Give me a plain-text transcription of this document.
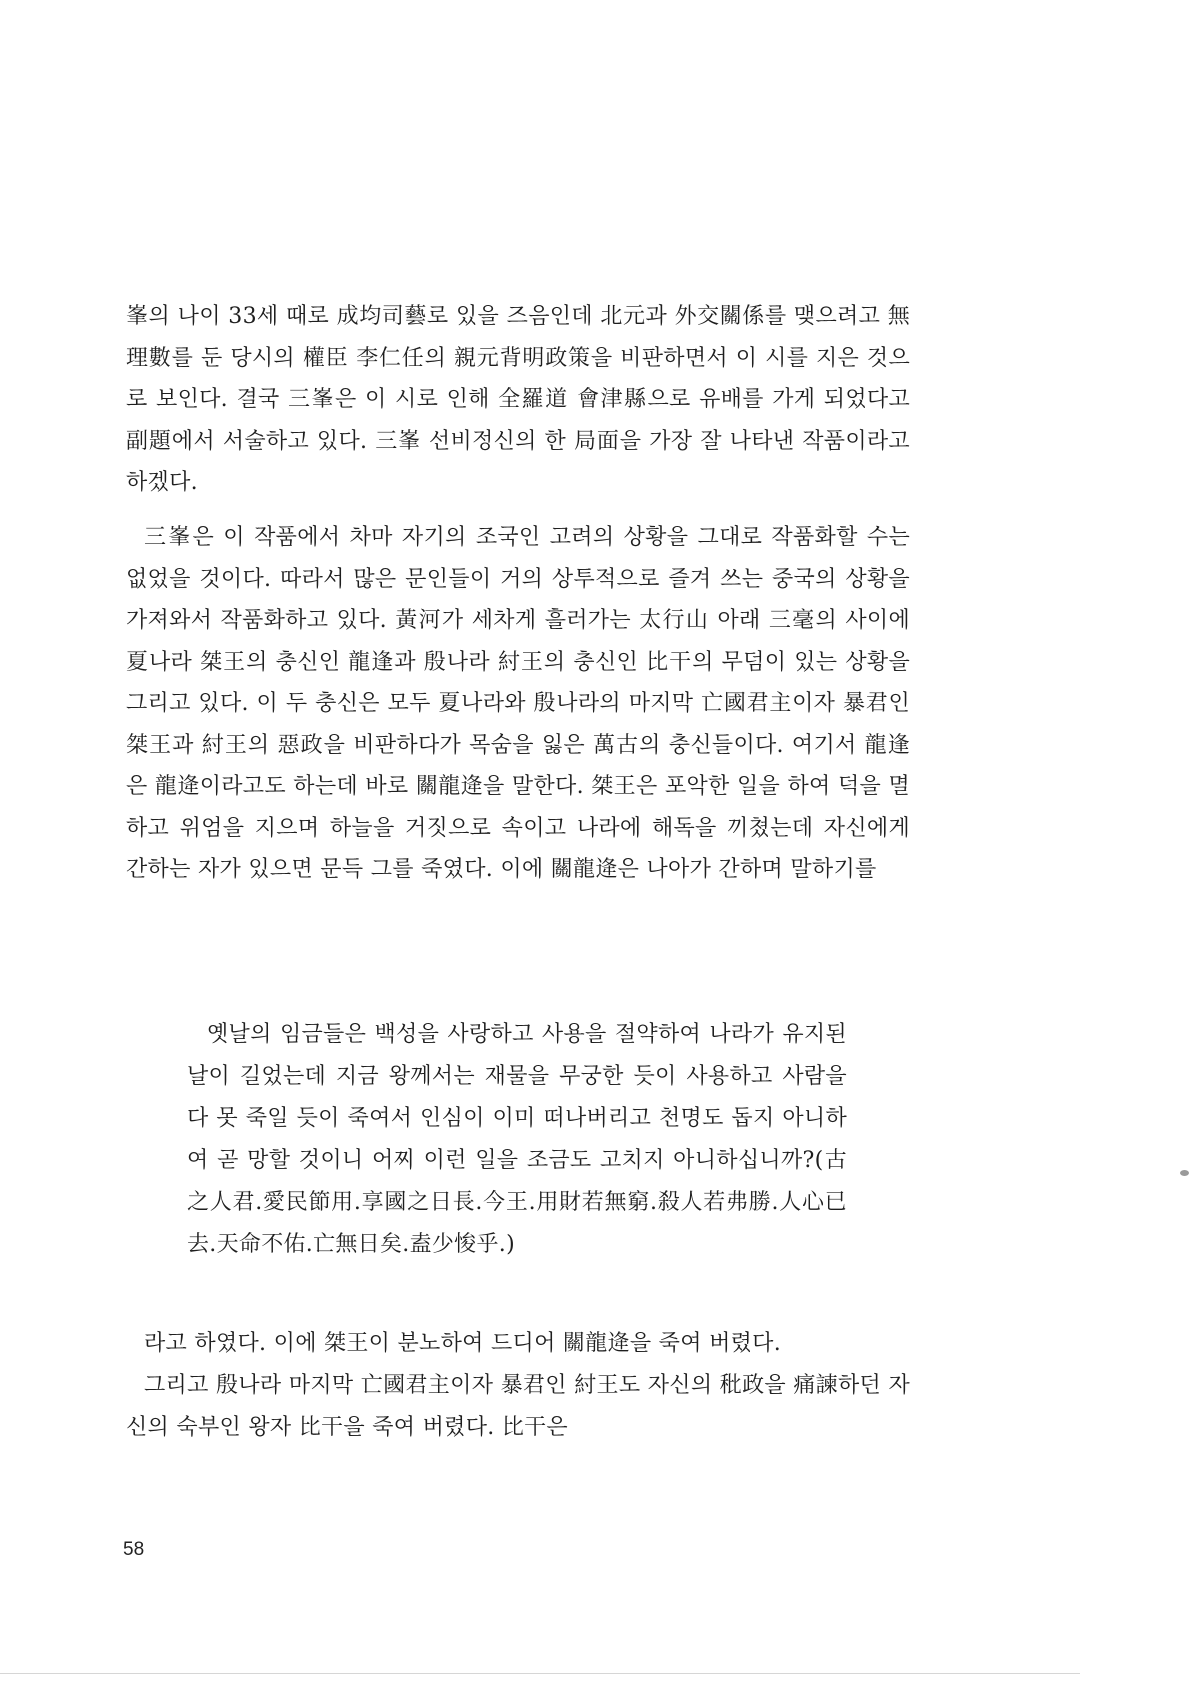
峯의 나이 33세 때로 成均司藝로 있을 즈음인데 北元과 外交關係를 맺으려고 無理數를 둔 당시의 權臣 李仁任의 親元背明政策을 비판하면서 이 시를 지은 것으로 보인다. 결국 三峯은 이 시로 인해 全羅道 會津縣으로 유배를 가게 되었다고 副題에서 서술하고 있다. 三峯 선비정신의 한 局面을 가장 잘 나타낸 작품이라고 하겠다.

三峯은 이 작품에서 차마 자기의 조국인 고려의 상황을 그대로 작품화할 수는 없었을 것이다. 따라서 많은 문인들이 거의 상투적으로 즐겨 쓰는 중국의 상황을 가져와서 작품화하고 있다. 黃河가 세차게 흘러가는 太行山 아래 三毫의 사이에 夏나라 桀王의 충신인 龍逢과 殷나라 紂王의 충신인 比干의 무덤이 있는 상황을 그리고 있다. 이 두 충신은 모두 夏나라와 殷나라의 마지막 亡國君主이자 暴君인 桀王과 紂王의 惡政을 비판하다가 목숨을 잃은 萬古의 충신들이다. 여기서 龍逢은 龍逄이라고도 하는데 바로 關龍逄을 말한다. 桀王은 포악한 일을 하여 덕을 멸하고 위엄을 지으며 하늘을 거짓으로 속이고 나라에 해독을 끼쳤는데 자신에게 간하는 자가 있으면 문득 그를 죽였다. 이에 關龍逄은 나아가 간하며 말하기를

옛날의 임금들은 백성을 사랑하고 사용을 절약하여 나라가 유지된 날이 길었는데 지금 왕께서는 재물을 무궁한 듯이 사용하고 사람을 다 못 죽일 듯이 죽여서 인심이 이미 떠나버리고 천명도 돕지 아니하여 곧 망할 것이니 어찌 이런 일을 조금도 고치지 아니하십니까?(古之人君.愛民節用.享國之日長.今王.用財若無窮.殺人若弗勝.人心已去.天命不佑.亡無日矣.盍少悛乎.)

라고 하였다. 이에 桀王이 분노하여 드디어 關龍逄을 죽여 버렸다.

그리고 殷나라 마지막 亡國君主이자 暴君인 紂王도 자신의 秕政을 痛諫하던 자신의 숙부인 왕자 比干을 죽여 버렸다. 比干은

58
